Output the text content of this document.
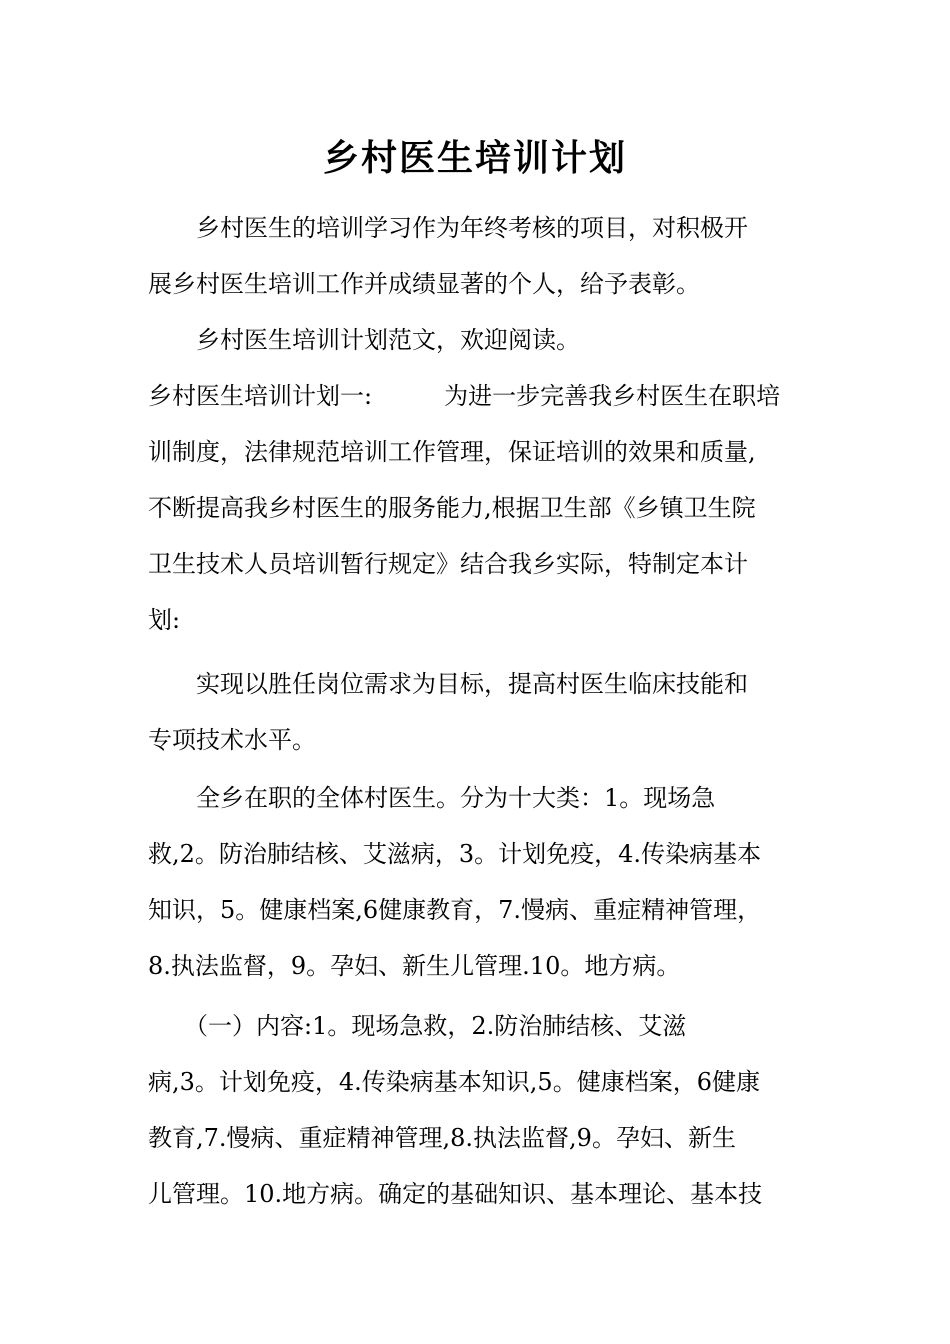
乡村医生培训计划
　　乡村医生的培训学习作为年终考核的项目，对积极开
展乡村医生培训工作并成绩显著的个人，给予表彰。
　　乡村医生培训计划范文，欢迎阅读。
乡村医生培训计划一:　　　为进一步完善我乡村医生在职培
训制度，法律规范培训工作管理，保证培训的效果和质量,
不断提高我乡村医生的服务能力,根据卫生部《乡镇卫生院
卫生技术人员培训暂行规定》结合我乡实际，特制定本计
划:
　　实现以胜任岗位需求为目标，提高村医生临床技能和
专项技术水平。
　　全乡在职的全体村医生。分为十大类：1。现场急
救,2。防治肺结核、艾滋病，3。计划免疫，4.传染病基本
知识，5。健康档案,6健康教育，7.慢病、重症精神管理，
8.执法监督，9。孕妇、新生儿管理.10。地方病。
　　（一）内容:1。现场急救，2.防治肺结核、艾滋
病,3。计划免疫，4.传染病基本知识,5。健康档案，6健康
教育,7.慢病、重症精神管理,8.执法监督,9。孕妇、新生
儿管理。10.地方病。确定的基础知识、基本理论、基本技
